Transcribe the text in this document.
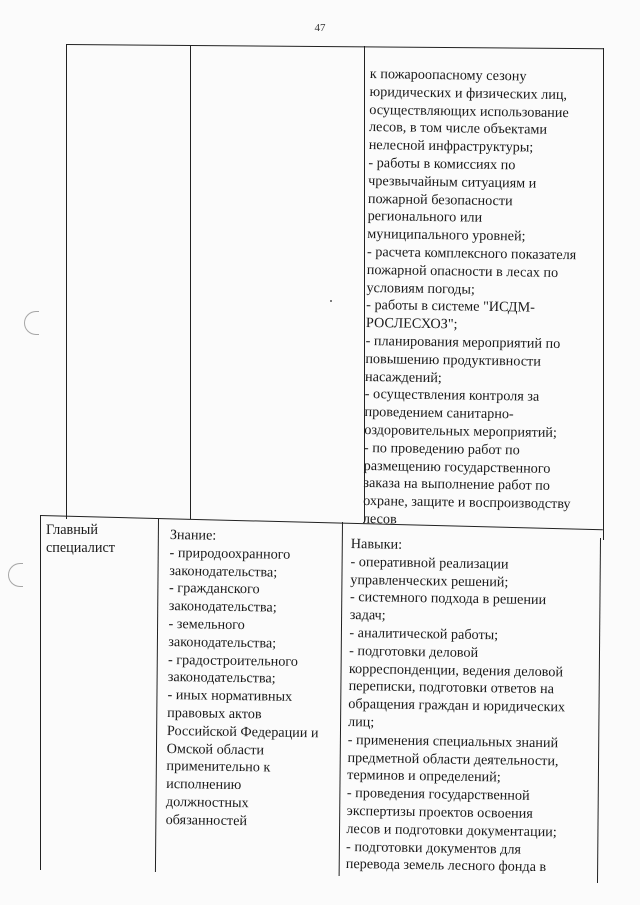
47
к пожароопасному сезону
юридических и физических лиц,
осуществляющих использование
лесов, в том числе объектами
нелесной инфраструктуры;
- работы в комиссиях по
чрезвычайным ситуациям и
пожарной безопасности
регионального или
муниципального уровней;
- расчета комплексного показателя
пожарной опасности в лесах по
условиям погоды;
- работы в системе "ИСДМ-
РОСЛЕСХОЗ";
- планирования мероприятий по
повышению продуктивности
насаждений;
- осуществления контроля за
проведением санитарно-
оздоровительных мероприятий;
- по проведению работ по
размещению государственного
заказа на выполнение работ по
охране, защите и воспроизводству
лесов
Главный
специалист
Знание:
- природоохранного
законодательства;
- гражданского
законодательства;
- земельного
законодательства;
- градостроительного
законодательства;
- иных нормативных
правовых актов
Российской Федерации и
Омской области
применительно к
исполнению
должностных
обязанностей
Навыки:
- оперативной реализации
управленческих решений;
- системного подхода в решении
задач;
- аналитической работы;
- подготовки деловой
корреспонденции, ведения деловой
переписки, подготовки ответов на
обращения граждан и юридических
лиц;
- применения специальных знаний
предметной области деятельности,
терминов и определений;
- проведения государственной
экспертизы проектов освоения
лесов и подготовки документации;
- подготовки документов для
перевода земель лесного фонда в
